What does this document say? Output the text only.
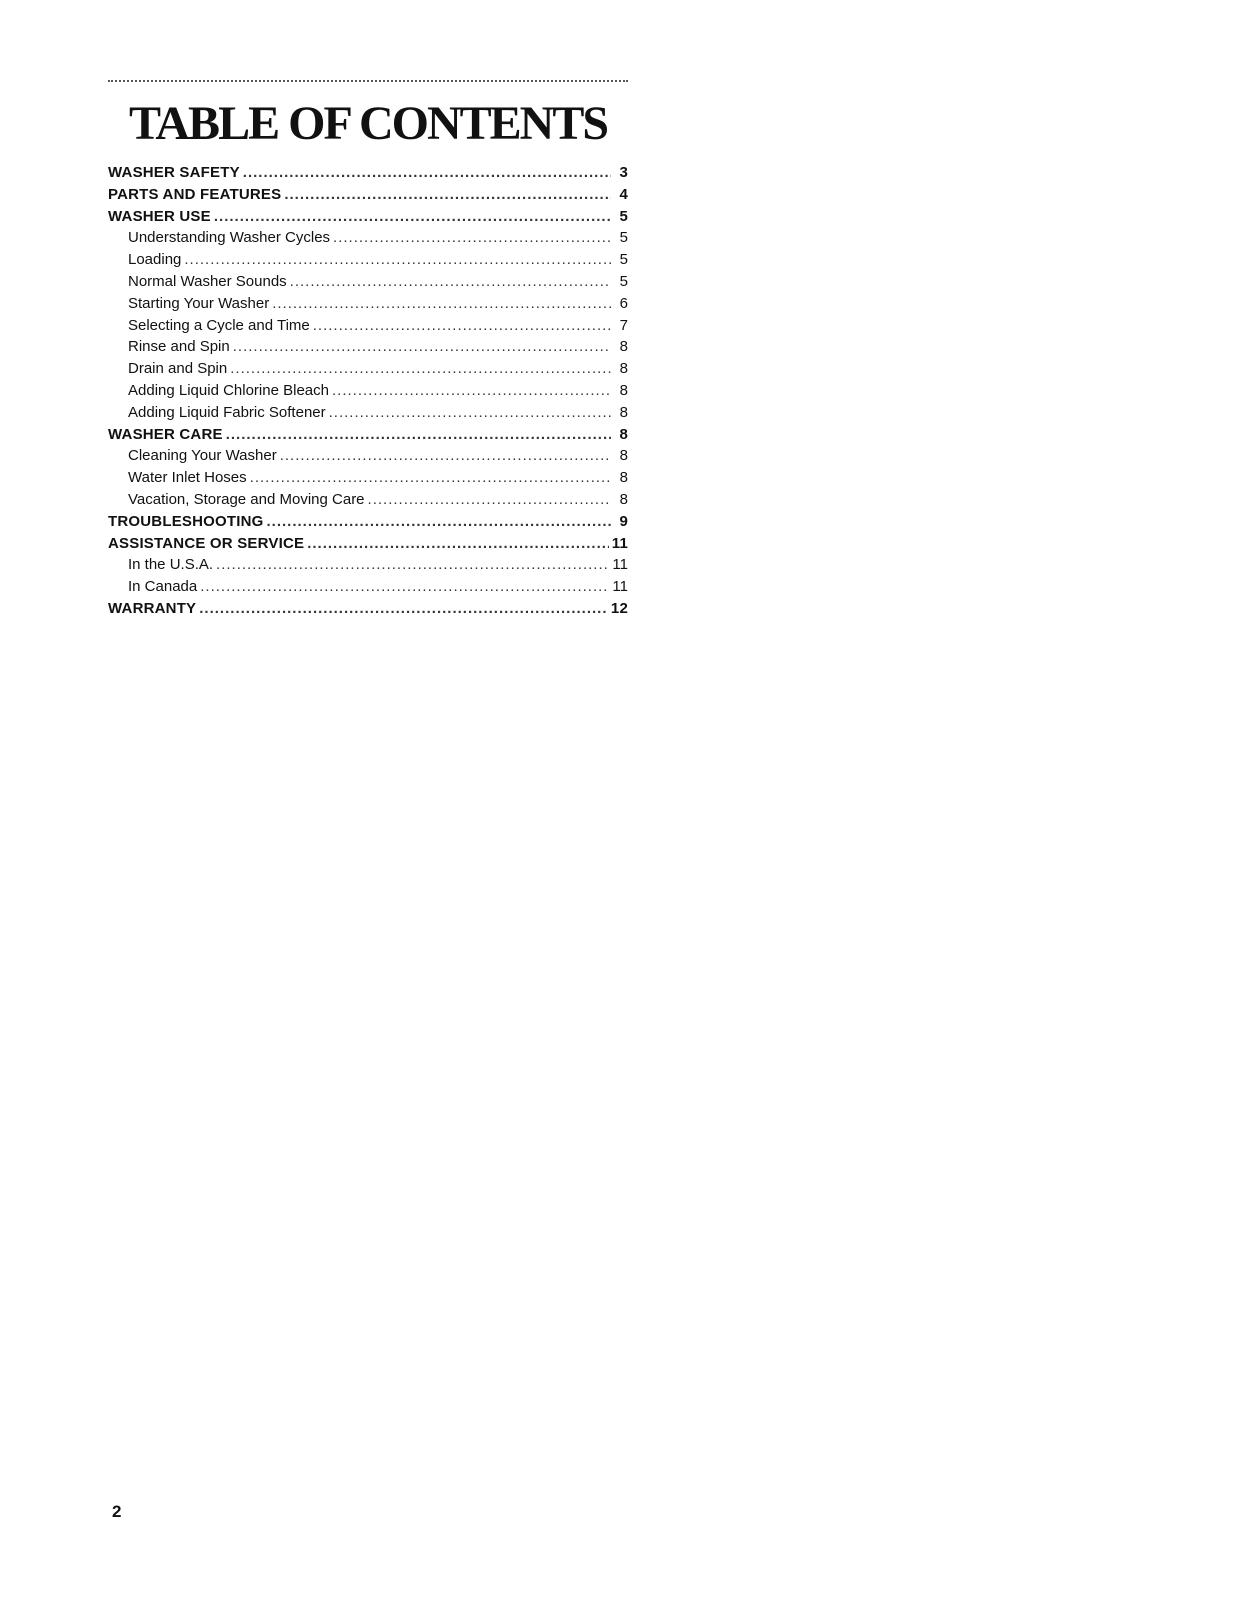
TABLE OF CONTENTS
WASHER SAFETY .....	3
PARTS AND FEATURES .....	4
WASHER USE .....	5
Understanding Washer Cycles .....	5
Loading .....	5
Normal Washer Sounds .....	5
Starting Your Washer .....	6
Selecting a Cycle and Time .....	7
Rinse and Spin .....	8
Drain and Spin .....	8
Adding Liquid Chlorine Bleach .....	8
Adding Liquid Fabric Softener .....	8
WASHER CARE .....	8
Cleaning Your Washer .....	8
Water Inlet Hoses .....	8
Vacation, Storage and Moving Care .....	8
TROUBLESHOOTING .....	9
ASSISTANCE OR SERVICE .....	11
In the U.S.A. .....	11
In Canada .....	11
WARRANTY .....	12
2
